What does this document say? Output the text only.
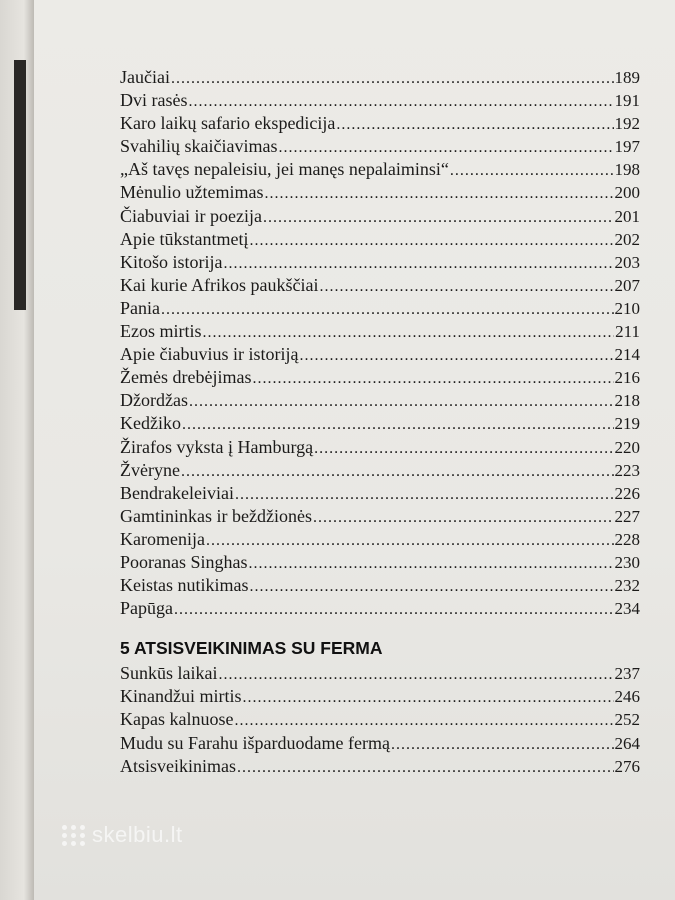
Jaučiai .....	189
Dvi rasės .....	191
Karo laikų safario ekspedicija .....	192
Svahilių skaičiavimas .....	197
„Aš tavęs nepaleisiu, jei manęs nepalaiminsi“ .....	198
Mėnulio užtemimas .....	200
Čiabuviai ir poezija .....	201
Apie tūkstantmetį .....	202
Kitošo istorija .....	203
Kai kurie Afrikos paukščiai .....	207
Pania .....	210
Ezos mirtis .....	211
Apie čiabuvius ir istoriją .....	214
Žemės drebėjimas .....	216
Džordžas .....	218
Kedžiko .....	219
Žirafos vyksta į Hamburgą .....	220
Žvėryne .....	223
Bendrakeleiviai .....	226
Gamtininkas ir beždžionės .....	227
Karomenija .....	228
Pooranas Singhas .....	230
Keistas nutikimas .....	232
Papūga .....	234
5 ATSISVEIKINIMAS SU FERMA
Sunkūs laikai .....	237
Kinandžui mirtis .....	246
Kapas kalnuose .....	252
Mudu su Farahu išparduodame fermą .....	264
Atsisveikinimas .....	276
skelbiu.lt
